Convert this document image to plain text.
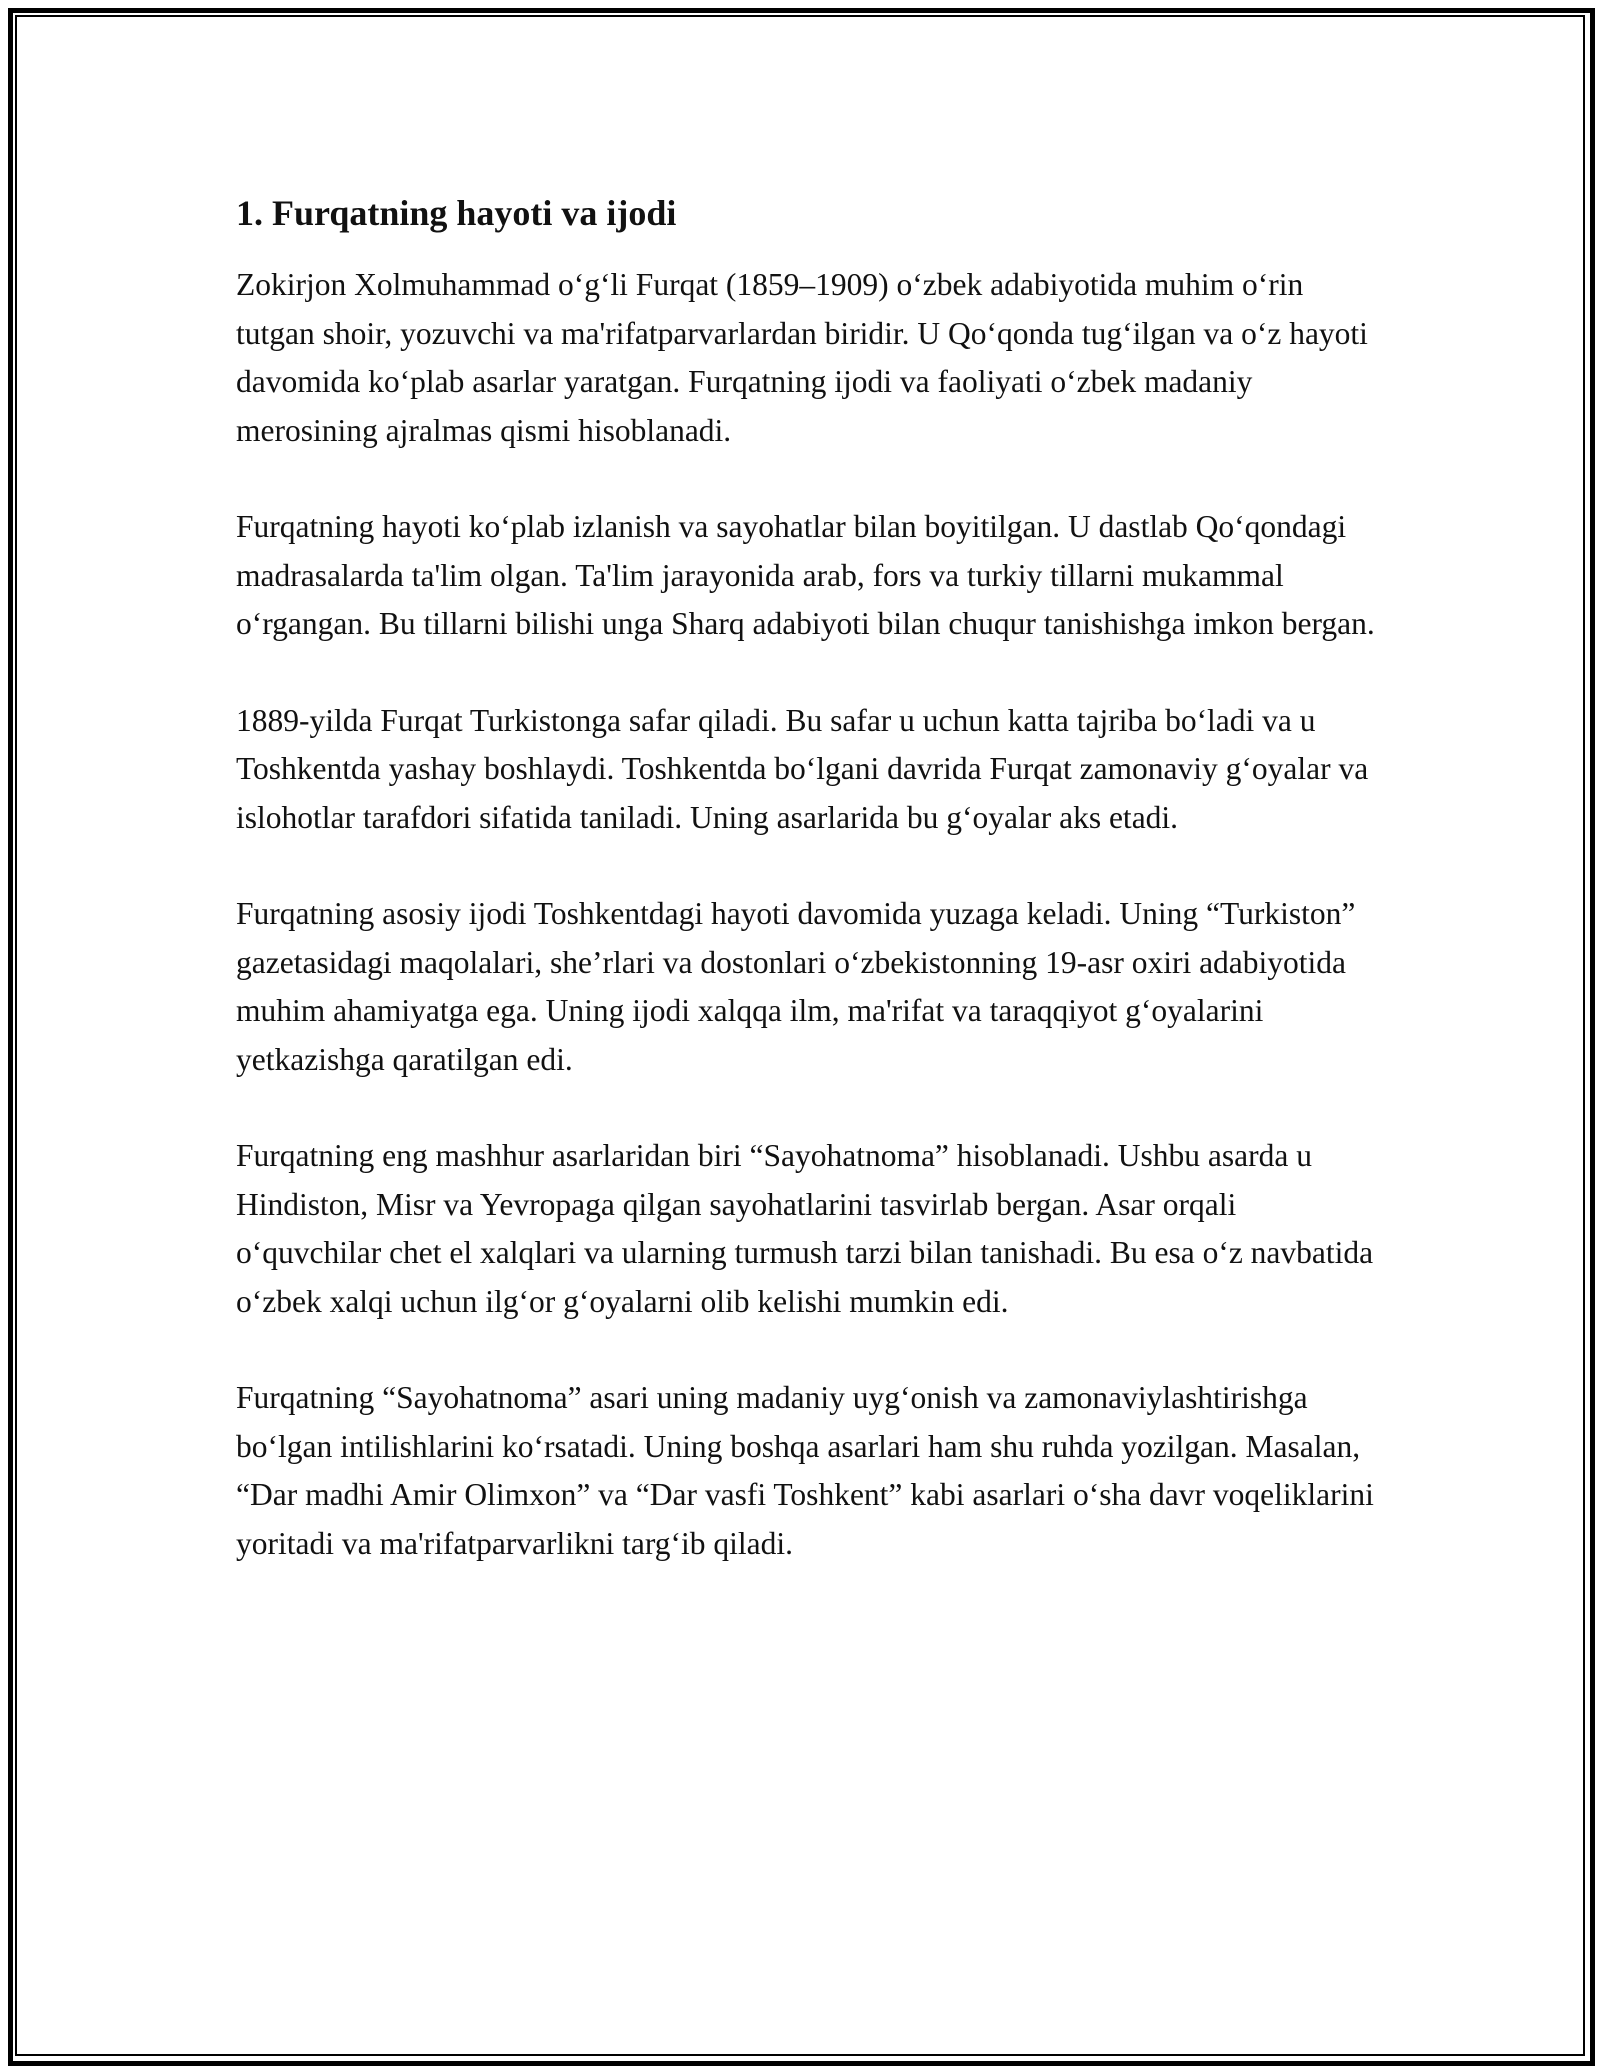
1. Furqatning hayoti va ijodi

Zokirjon Xolmuhammad o‘g‘li Furqat (1859–1909) o‘zbek adabiyotida muhim o‘rin tutgan shoir, yozuvchi va ma'rifatparvarlardan biridir. U Qo‘qonda tug‘ilgan va o‘z hayoti davomida ko‘plab asarlar yaratgan. Furqatning ijodi va faoliyati o‘zbek madaniy merosining ajralmas qismi hisoblanadi.

Furqatning hayoti ko‘plab izlanish va sayohatlar bilan boyitilgan. U dastlab Qo‘qondagi madrasalarda ta'lim olgan. Ta'lim jarayonida arab, fors va turkiy tillarni mukammal o‘rgangan. Bu tillarni bilishi unga Sharq adabiyoti bilan chuqur tanishishga imkon bergan.

1889-yilda Furqat Turkistonga safar qiladi. Bu safar u uchun katta tajriba bo‘ladi va u Toshkentda yashay boshlaydi. Toshkentda bo‘lgani davrida Furqat zamonaviy g‘oyalar va islohotlar tarafdori sifatida taniladi. Uning asarlarida bu g‘oyalar aks etadi.

Furqatning asosiy ijodi Toshkentdagi hayoti davomida yuzaga keladi. Uning “Turkiston” gazetasidagi maqolalari, she’rlari va dostonlari o‘zbekistonning 19-asr oxiri adabiyotida muhim ahamiyatga ega. Uning ijodi xalqqa ilm, ma'rifat va taraqqiyot g‘oyalarini yetkazishga qaratilgan edi.

Furqatning eng mashhur asarlaridan biri “Sayohatnoma” hisoblanadi. Ushbu asarda u Hindiston, Misr va Yevropaga qilgan sayohatlarini tasvirlab bergan. Asar orqali o‘quvchilar chet el xalqlari va ularning turmush tarzi bilan tanishadi. Bu esa o‘z navbatida o‘zbek xalqi uchun ilg‘or g‘oyalarni olib kelishi mumkin edi.

Furqatning “Sayohatnoma” asari uning madaniy uyg‘onish va zamonaviylashtirishga bo‘lgan intilishlarini ko‘rsatadi. Uning boshqa asarlari ham shu ruhda yozilgan. Masalan, “Dar madhi Amir Olimxon” va “Dar vasfi Toshkent” kabi asarlari o‘sha davr voqeliklarini yoritadi va ma'rifatparvarlikni targ‘ib qiladi.
